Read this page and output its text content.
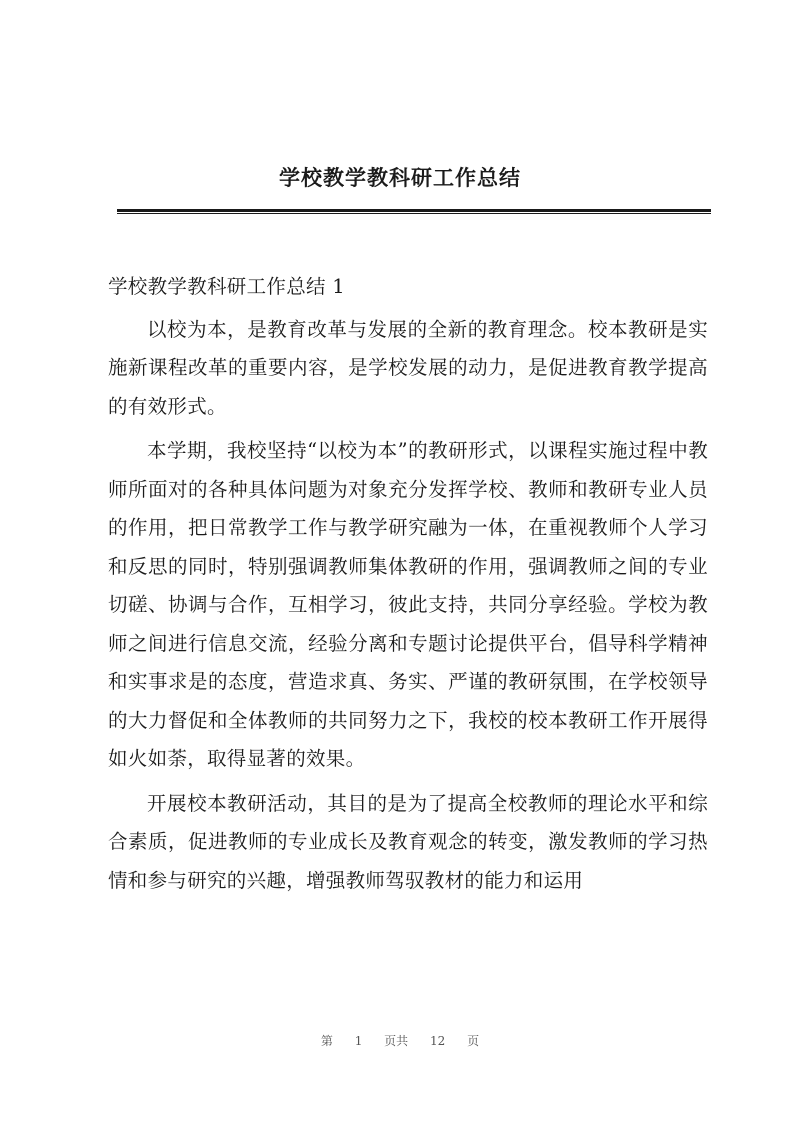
学校教学教科研工作总结

学校教学教科研工作总结 1

以校为本，是教育改革与发展的全新的教育理念。校本教研是实施新课程改革的重要内容，是学校发展的动力，是促进教育教学提高的有效形式。

本学期，我校坚持“以校为本”的教研形式，以课程实施过程中教师所面对的各种具体问题为对象充分发挥学校、教师和教研专业人员的作用，把日常教学工作与教学研究融为一体，在重视教师个人学习和反思的同时，特别强调教师集体教研的作用，强调教师之间的专业切磋、协调与合作，互相学习，彼此支持，共同分享经验。学校为教师之间进行信息交流，经验分离和专题讨论提供平台，倡导科学精神和实事求是的态度，营造求真、务实、严谨的教研氛围，在学校领导的大力督促和全体教师的共同努力之下，我校的校本教研工作开展得如火如荼，取得显著的效果。

开展校本教研活动，其目的是为了提高全校教师的理论水平和综合素质，促进教师的专业成长及教育观念的转变，激发教师的学习热情和参与研究的兴趣，增强教师驾驭教材的能力和运用

第 1 页共 12 页
